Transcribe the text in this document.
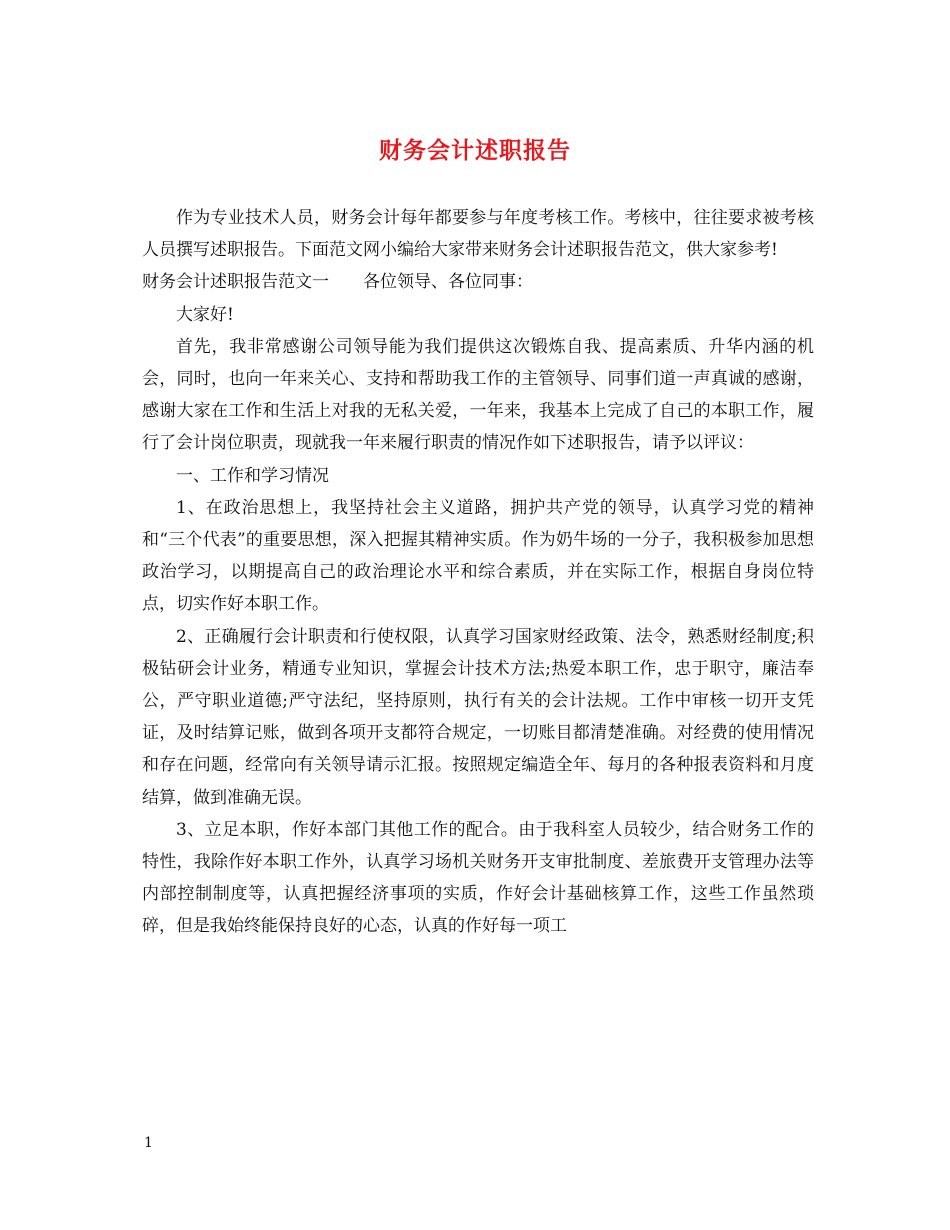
财务会计述职报告

作为专业技术人员，财务会计每年都要参与年度考核工作。考核中，往往要求被考核人员撰写述职报告。下面范文网小编给大家带来财务会计述职报告范文，供大家参考!

财务会计述职报告范文一 各位领导、各位同事：

大家好!

首先，我非常感谢公司领导能为我们提供这次锻炼自我、提高素质、升华内涵的机会，同时，也向一年来关心、支持和帮助我工作的主管领导、同事们道一声真诚的感谢，感谢大家在工作和生活上对我的无私关爱，一年来，我基本上完成了自己的本职工作，履行了会计岗位职责，现就我一年来履行职责的情况作如下述职报告，请予以评议：

一、工作和学习情况

1、在政治思想上，我坚持社会主义道路，拥护共产党的领导，认真学习党的精神和“三个代表”的重要思想，深入把握其精神实质。作为奶牛场的一分子，我积极参加思想政治学习，以期提高自己的政治理论水平和综合素质，并在实际工作，根据自身岗位特点，切实作好本职工作。

2、正确履行会计职责和行使权限，认真学习国家财经政策、法令，熟悉财经制度;积极钻研会计业务，精通专业知识，掌握会计技术方法;热爱本职工作，忠于职守，廉洁奉公，严守职业道德;严守法纪，坚持原则，执行有关的会计法规。工作中审核一切开支凭证，及时结算记账，做到各项开支都符合规定，一切账目都清楚准确。对经费的使用情况和存在问题，经常向有关领导请示汇报。按照规定编造全年、每月的各种报表资料和月度结算，做到准确无误。

3、立足本职，作好本部门其他工作的配合。由于我科室人员较少，结合财务工作的特性，我除作好本职工作外，认真学习场机关财务开支审批制度、差旅费开支管理办法等内部控制制度等，认真把握经济事项的实质，作好会计基础核算工作，这些工作虽然琐碎，但是我始终能保持良好的心态，认真的作好每一项工

1
